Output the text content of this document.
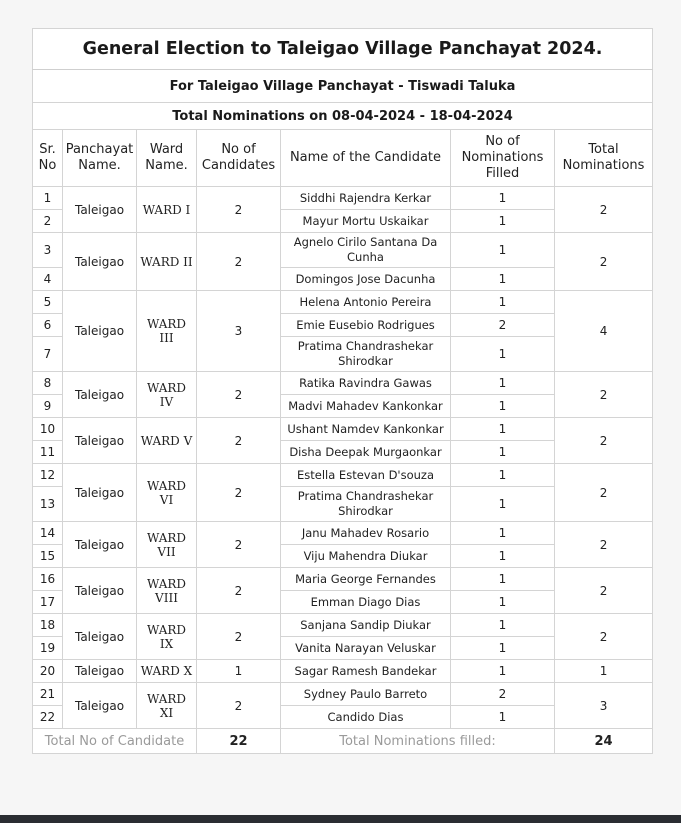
General Election to Taleigao Village Panchayat 2024.						
For Taleigao Village Panchayat - Tiswadi Taluka						
Total Nominations on 08-04-2024 - 18-04-2024						
Sr. No	Panchayat Name.	Ward Name.	No of Candidates	Name of the Candidate	No of Nominations Filled	Total Nominations
1	Taleigao	WARD I	2	Siddhi Rajendra Kerkar	1	2
2				Mayur Mortu Uskaikar	1	
3	Taleigao	WARD II	2	Agnelo Cirilo Santana Da Cunha	1	2
4				Domingos Jose Dacunha	1	
5	Taleigao	WARD III	3	Helena Antonio Pereira	1	4
6				Emie Eusebio Rodrigues	2	
7				Pratima Chandrashekar Shirodkar	1	
8	Taleigao	WARD IV	2	Ratika Ravindra Gawas	1	2
9				Madvi Mahadev Kankonkar	1	
10	Taleigao	WARD V	2	Ushant Namdev Kankonkar	1	2
11				Disha Deepak Murgaonkar	1	
12	Taleigao	WARD VI	2	Estella Estevan D'souza	1	2
13				Pratima Chandrashekar Shirodkar	1	
14	Taleigao	WARD VII	2	Janu Mahadev Rosario	1	2
15				Viju Mahendra Diukar	1	
16	Taleigao	WARD VIII	2	Maria George Fernandes	1	2
17				Emman Diago Dias	1	
18	Taleigao	WARD IX	2	Sanjana Sandip Diukar	1	2
19				Vanita Narayan Veluskar	1	
20	Taleigao	WARD X	1	Sagar Ramesh Bandekar	1	1
21	Taleigao	WARD XI	2	Sydney Paulo Barreto	2	3
22				Candido Dias	1	
Total No of Candidate			22	Total Nominations filled:		24
